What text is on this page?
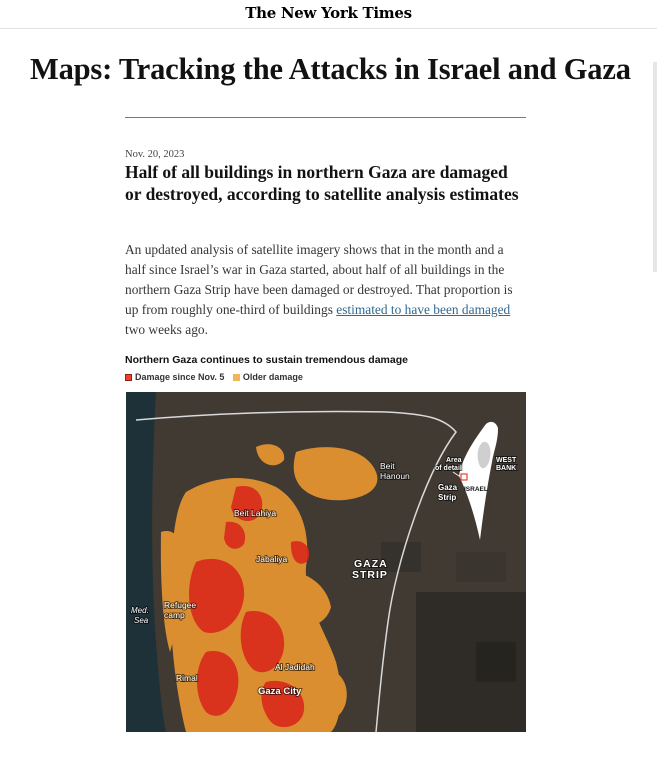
The New York Times
Maps: Tracking the Attacks in Israel and Gaza
Nov. 20, 2023
Half of all buildings in northern Gaza are damaged or destroyed, according to satellite analysis estimates

An updated analysis of satellite imagery shows that in the month and a half since Israel’s war in Gaza started, about half of all buildings in the northern Gaza Strip have been damaged or destroyed. That proportion is up from roughly one-third of buildings estimated to have been damaged two weeks ago.

Northern Gaza continues to sustain tremendous damage
Damage since Nov. 5 Older damage
Beit Hanoun
Beit Lahiya
Jabaliya	GAZA STRIP
Med. Sea
Refugee camp
Al Jadidah
Rimal
Gaza City
Area of detail
Gaza Strip
ISRAEL
WEST BANK
